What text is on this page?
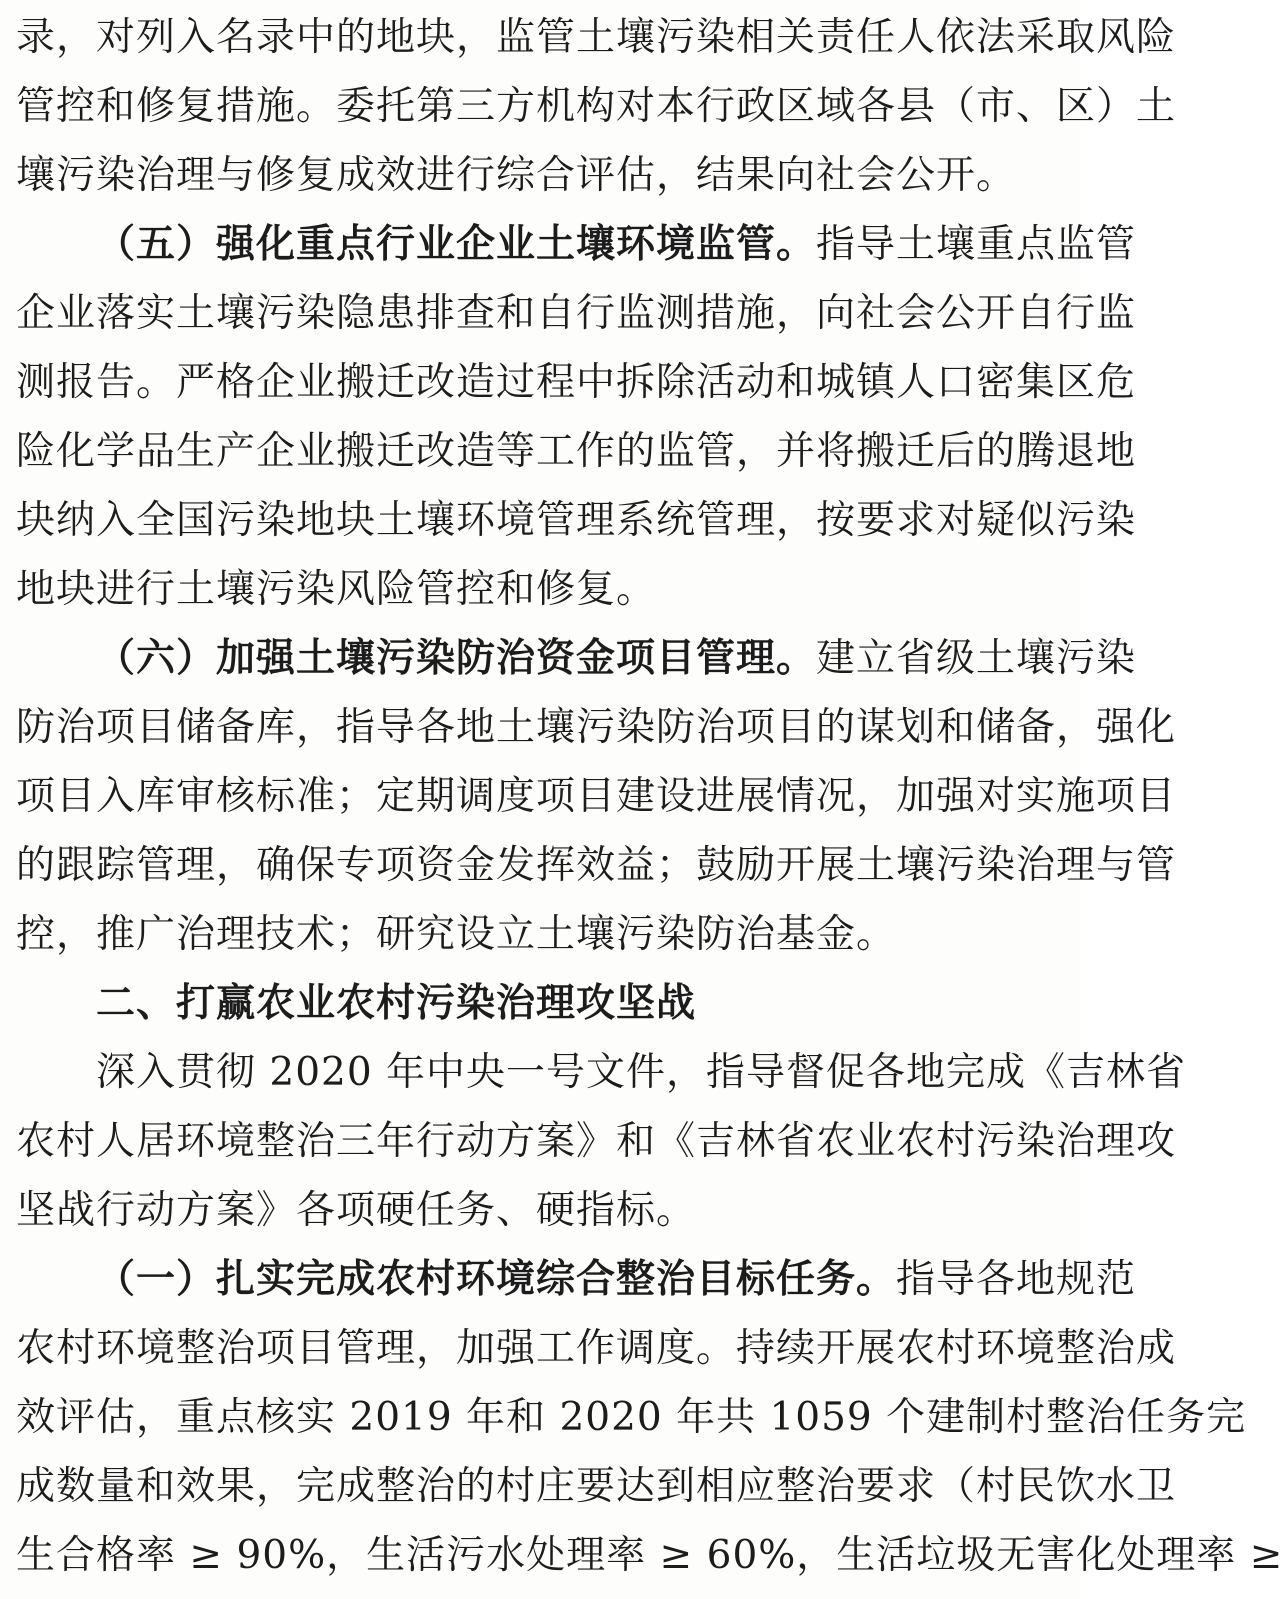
录，对列入名录中的地块，监管土壤污染相关责任人依法采取风险
管控和修复措施。委托第三方机构对本行政区域各县（市、区）土
壤污染治理与修复成效进行综合评估，结果向社会公开。
（五）强化重点行业企业土壤环境监管。指导土壤重点监管
企业落实土壤污染隐患排查和自行监测措施，向社会公开自行监
测报告。严格企业搬迁改造过程中拆除活动和城镇人口密集区危
险化学品生产企业搬迁改造等工作的监管，并将搬迁后的腾退地
块纳入全国污染地块土壤环境管理系统管理，按要求对疑似污染
地块进行土壤污染风险管控和修复。
（六）加强土壤污染防治资金项目管理。建立省级土壤污染
防治项目储备库，指导各地土壤污染防治项目的谋划和储备，强化
项目入库审核标准；定期调度项目建设进展情况，加强对实施项目
的跟踪管理，确保专项资金发挥效益；鼓励开展土壤污染治理与管
控，推广治理技术；研究设立土壤污染防治基金。
二、打赢农业农村污染治理攻坚战
深入贯彻 2020 年中央一号文件，指导督促各地完成《吉林省
农村人居环境整治三年行动方案》和《吉林省农业农村污染治理攻
坚战行动方案》各项硬任务、硬指标。
（一）扎实完成农村环境综合整治目标任务。指导各地规范
农村环境整治项目管理，加强工作调度。持续开展农村环境整治成
效评估，重点核实 2019 年和 2020 年共 1059 个建制村整治任务完
成数量和效果，完成整治的村庄要达到相应整治要求（村民饮水卫
生合格率 ≥ 90%，生活污水处理率 ≥ 60%，生活垃圾无害化处理率 ≥
